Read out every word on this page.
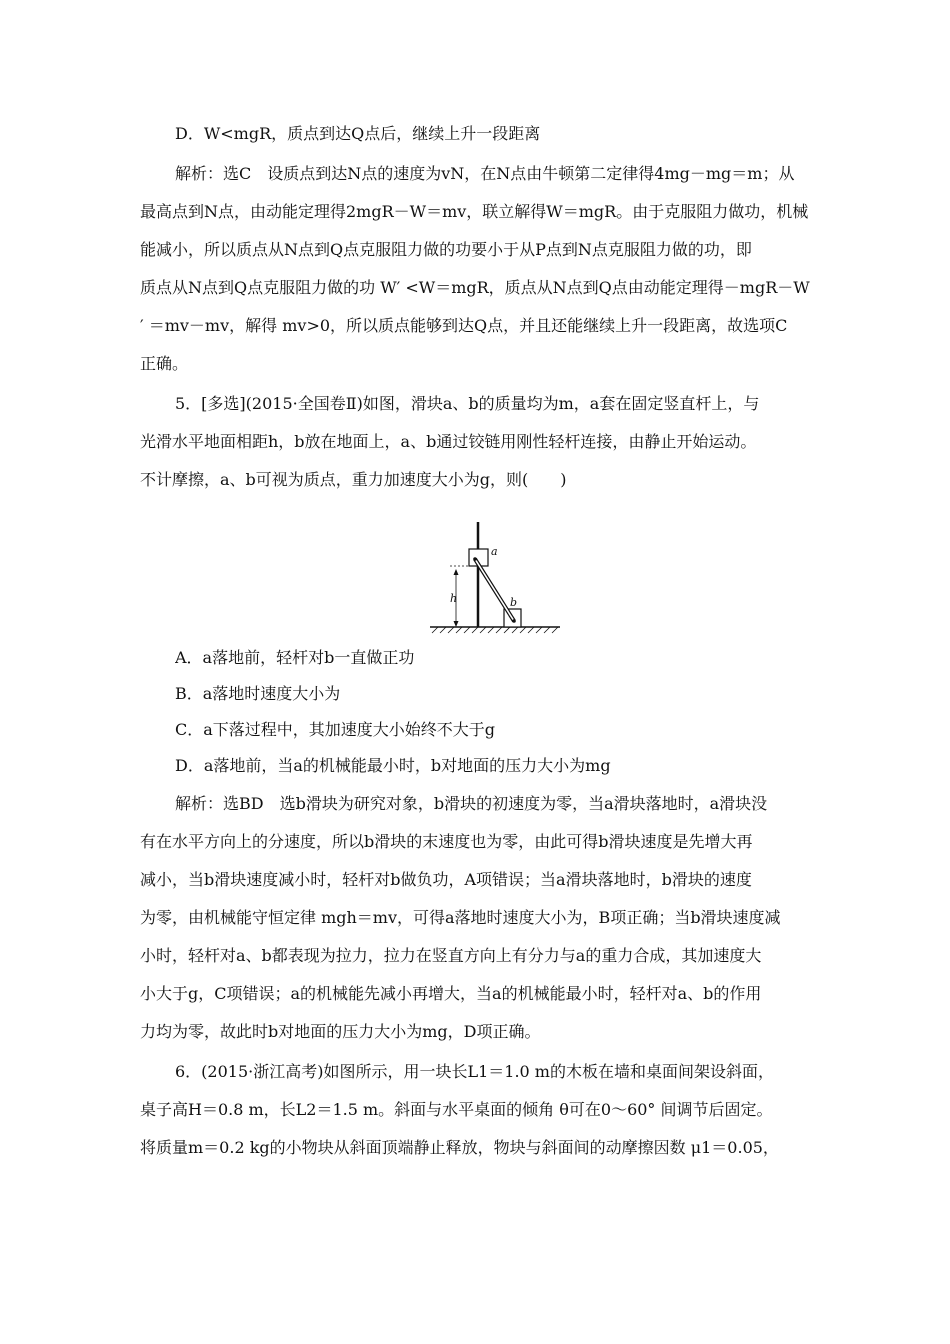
D．W<mgR，质点到达Q点后，继续上升一段距离
解析：选C　设质点到达N点的速度为vN，在N点由牛顿第二定律得4mg－mg＝m；从
最高点到N点，由动能定理得2mgR－W＝mv，联立解得W＝mgR。由于克服阻力做功，机械
能减小，所以质点从N点到Q点克服阻力做的功要小于从P点到N点克服阻力做的功，即
质点从N点到Q点克服阻力做的功 W′ <W＝mgR，质点从N点到Q点由动能定理得－mgR－W
′ ＝mv－mv，解得 mv>0，所以质点能够到达Q点，并且还能继续上升一段距离，故选项C
正确。
5．[多选](2015·全国卷Ⅱ)如图，滑块a、b的质量均为m，a套在固定竖直杆上，与
光滑水平地面相距h，b放在地面上，a、b通过铰链用刚性轻杆连接，由静止开始运动。
不计摩擦，a、b可视为质点，重力加速度大小为g，则(　　)
h
a
b
A．a落地前，轻杆对b一直做正功
B．a落地时速度大小为
C．a下落过程中，其加速度大小始终不大于g
D．a落地前，当a的机械能最小时，b对地面的压力大小为mg
解析：选BD　选b滑块为研究对象，b滑块的初速度为零，当a滑块落地时，a滑块没
有在水平方向上的分速度，所以b滑块的末速度也为零，由此可得b滑块速度是先增大再
减小，当b滑块速度减小时，轻杆对b做负功，A项错误；当a滑块落地时，b滑块的速度
为零，由机械能守恒定律 mgh＝mv，可得a落地时速度大小为，B项正确；当b滑块速度减
小时，轻杆对a、b都表现为拉力，拉力在竖直方向上有分力与a的重力合成，其加速度大
小大于g，C项错误；a的机械能先减小再增大，当a的机械能最小时，轻杆对a、b的作用
力均为零，故此时b对地面的压力大小为mg，D项正确。
6．(2015·浙江高考)如图所示，用一块长L1＝1.0 m的木板在墙和桌面间架设斜面，
桌子高H＝0.8 m，长L2＝1.5 m。斜面与水平桌面的倾角 θ可在0～60° 间调节后固定。
将质量m＝0.2 kg的小物块从斜面顶端静止释放，物块与斜面间的动摩擦因数 μ1＝0.05，
